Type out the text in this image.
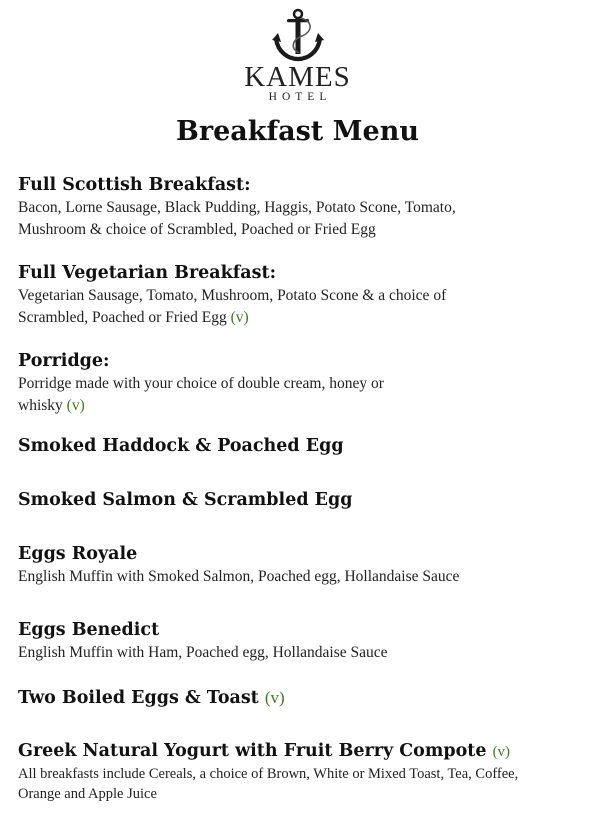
KAMES
HOTEL
Breakfast Menu
Full Scottish Breakfast:
Bacon, Lorne Sausage, Black Pudding, Haggis, Potato Scone, Tomato,
Mushroom & choice of Scrambled, Poached or Fried Egg
Full Vegetarian Breakfast:
Vegetarian Sausage, Tomato, Mushroom, Potato Scone & a choice of
Scrambled, Poached or Fried Egg (v)
Porridge:
Porridge made with your choice of double cream, honey or
whisky (v)
Smoked Haddock & Poached Egg
Smoked Salmon & Scrambled Egg
Eggs Royale
English Muffin with Smoked Salmon, Poached egg, Hollandaise Sauce
Eggs Benedict
English Muffin with Ham, Poached egg, Hollandaise Sauce
Two Boiled Eggs & Toast (v)
Greek Natural Yogurt with Fruit Berry Compote (v)
All breakfasts include Cereals, a choice of Brown, White or Mixed Toast, Tea, Coffee,
Orange and Apple Juice
